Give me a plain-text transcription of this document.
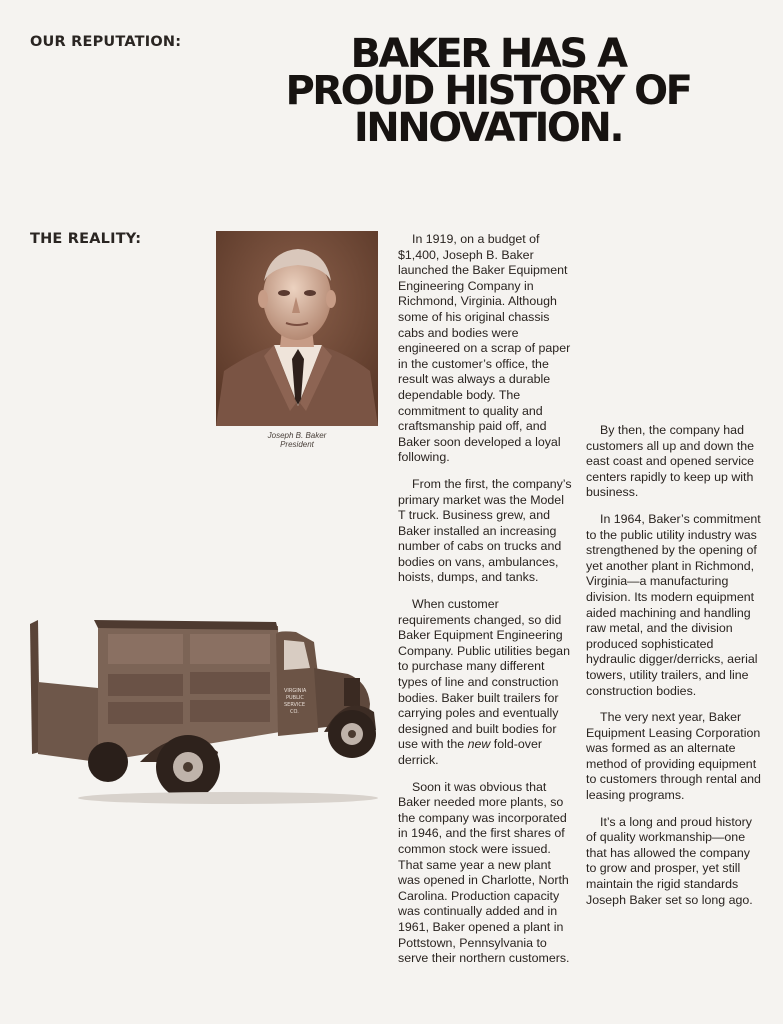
OUR REPUTATION:	BAKER HAS A
PROUD HISTORY OF
INNOVATION.
THE REALITY:
Joseph B. Baker
President
VIRGINIA
PUBLIC
SERVICE
CO.

In 1919, on a budget of $1,400, Joseph B. Baker launched the Baker Equipment Engineering Company in Richmond, Virginia. Although some of his original chassis cabs and bodies were engineered on a scrap of paper in the customer’s office, the result was always a durable dependable body. The commitment to quality and craftsmanship paid off, and Baker soon developed a loyal following.

From the first, the company’s primary market was the Model T truck. Business grew, and Baker installed an increasing number of cabs on trucks and bodies on vans, ambulances, hoists, dumps, and tanks.

When customer requirements changed, so did Baker Equipment Engineering Company. Public utilities began to purchase many different types of line and construction bodies. Baker built trailers for carrying poles and eventually designed and built bodies for use with the new fold-over derrick.

Soon it was obvious that Baker needed more plants, so the company was incorporated in 1946, and the first shares of common stock were issued. That same year a new plant was opened in Charlotte, North Carolina. Production capacity was continually added and in 1961, Baker opened a plant in Pottstown, Pennsylvania to serve their northern customers.

By then, the company had customers all up and down the east coast and opened service centers rapidly to keep up with business.

In 1964, Baker’s commitment to the public utility industry was strengthened by the opening of yet another plant in Richmond, Virginia—a manufacturing division. Its modern equipment aided machining and handling raw metal, and the division produced sophisticated hydraulic digger/derricks, aerial towers, utility trailers, and line construction bodies.

The very next year, Baker Equipment Leasing Corporation was formed as an alternate method of providing equipment to customers through rental and leasing programs.

It’s a long and proud history of quality workmanship—one that has allowed the company to grow and prosper, yet still maintain the rigid standards Joseph Baker set so long ago.
